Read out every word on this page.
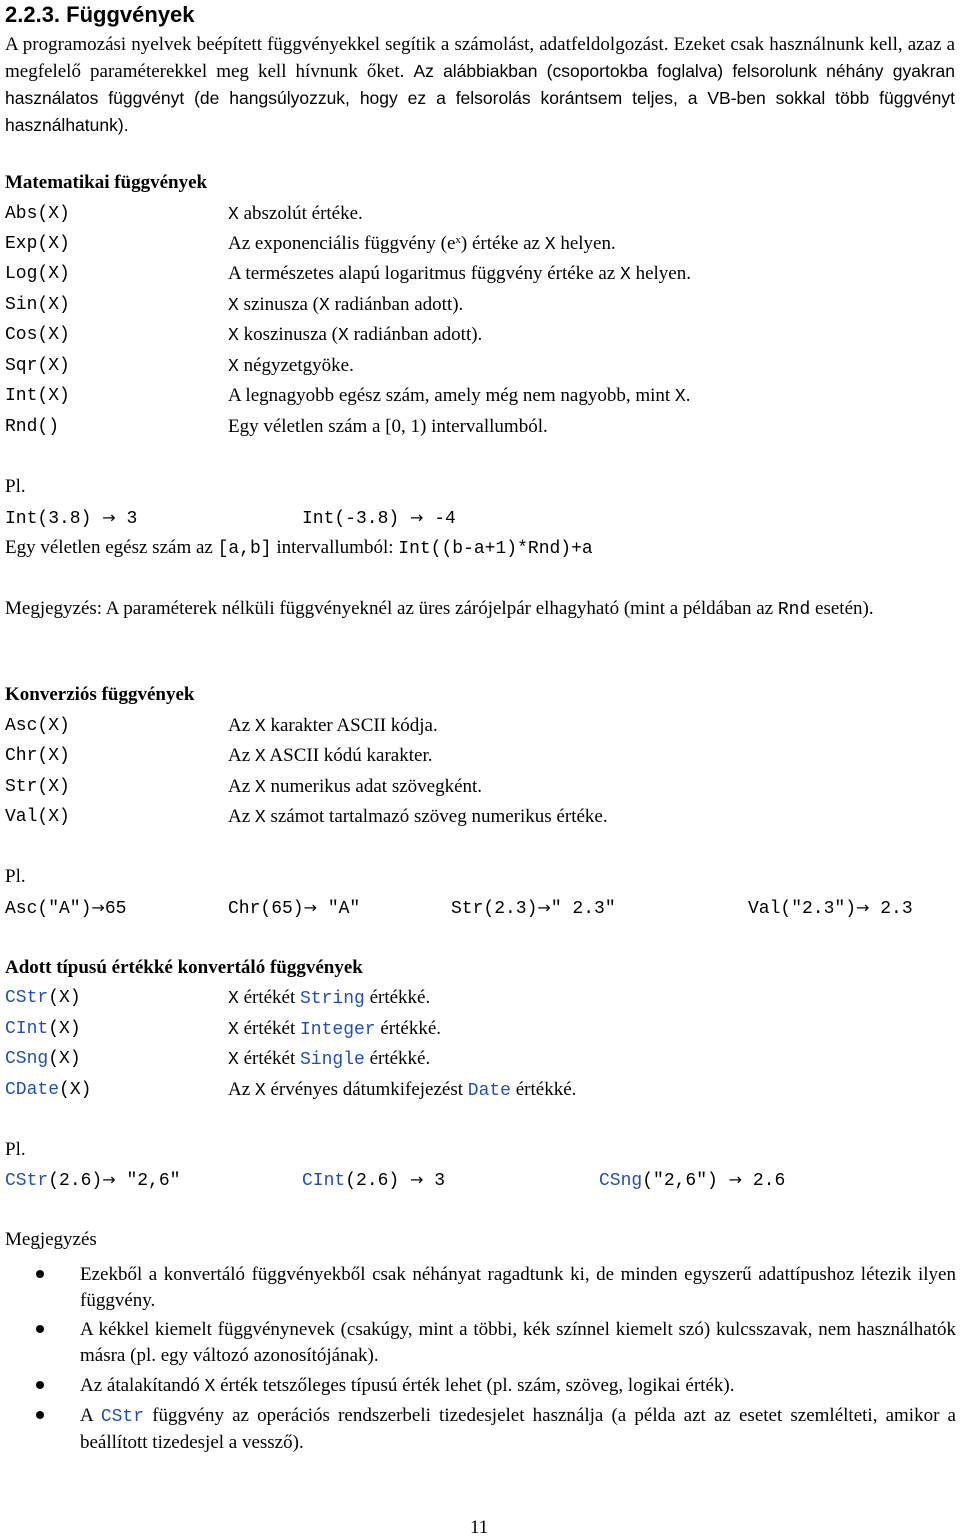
2.2.3. Függvények
A programozási nyelvek beépített függvényekkel segítik a számolást, adatfeldolgozást. Ezeket csak használnunk kell, azaz a megfelelő paraméterekkel meg kell hívnunk őket. Az alábbiakban (csoportokba foglalva) felsorolunk néhány gyakran használatos függvényt (de hangsúlyozzuk, hogy ez a felsorolás korántsem teljes, a VB-ben sokkal több függvényt használhatunk).
Matematikai függvények
Abs(X)	X abszolút értéke.
Exp(X)	Az exponenciális függvény $(e^x)$ értéke az X helyen.
Log(X)	A természetes alapú logaritmus függvény értéke az X helyen.
Sin(X)	X szinusza (X radiánban adott).
Cos(X)	X koszinusza (X radiánban adott).
Sqr(X)	X négyzetgyöke.
Int(X)	A legnagyobb egész szám, amely még nem nagyobb, mint X.
Rnd()	Egy véletlen szám a [0, 1) intervallumból.
Pl.
Int(3.8) → 3	Int(-3.8) → -4
Egy véletlen egész szám az [a,b] intervallumból: Int((b-a+1)*Rnd)+a
Megjegyzés: A paraméterek nélküli függvényeknél az üres zárójelpár elhagyható (mint a példában az Rnd esetén).
Konverziós függvények
Asc(X)	Az X karakter ASCII kódja.
Chr(X)	Az X ASCII kódú karakter.
Str(X)	Az X numerikus adat szövegként.
Val(X)	Az X számot tartalmazó szöveg numerikus értéke.
Pl.
Asc("A")→65	Chr(65)→ "A"	Str(2.3)→" 2.3"	Val("2.3")→ 2.3
Adott típusú értékké konvertáló függvények
CStr(X)	X értékét String értékké.
CInt(X)	X értékét Integer értékké.
CSng(X)	X értékét Single értékké.
CDate(X)	Az X érvényes dátumkifejezést Date értékké.
Pl.
CStr(2.6)→ "2,6"	CInt(2.6) → 3	CSng("2,6") → 2.6
Megjegyzés
Ezekből a konvertáló függvényekből csak néhányat ragadtunk ki, de minden egyszerű adattípushoz létezik ilyen függvény.
A kékkel kiemelt függvénynevek (csakúgy, mint a többi, kék színnel kiemelt szó) kulcsszavak, nem használhatók másra (pl. egy változó azonosítójának).
Az átalakítandó X érték tetszőleges típusú érték lehet (pl. szám, szöveg, logikai érték).
A CStr függvény az operációs rendszerbeli tizedesjelet használja (a példa azt az esetet szemlélteti, amikor a beállított tizedesjel a vessző).
11
